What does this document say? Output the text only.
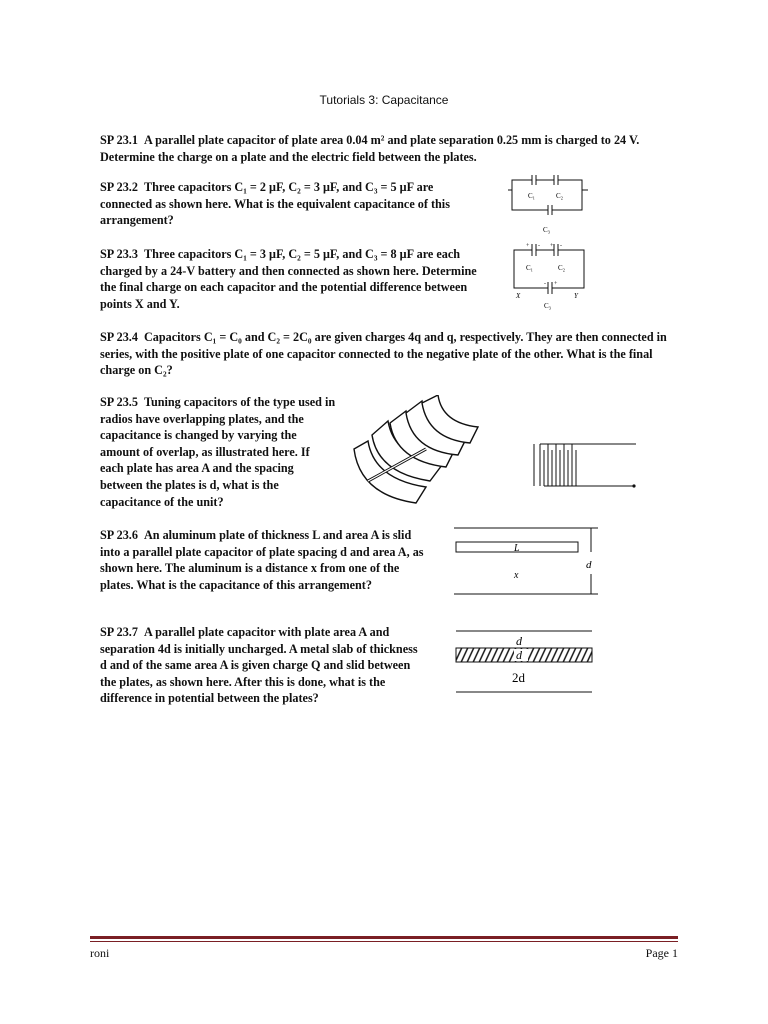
Tutorials 3: Capacitance
SP 23.1 A parallel plate capacitor of plate area 0.04 m² and plate separation 0.25 mm is charged to 24 V. Determine the charge on a plate and the electric field between the plates.
SP 23.2 Three capacitors C₁ = 2 μF, C₂ = 3 μF, and C₃ = 5 μF are connected as shown here. What is the equivalent capacitance of this arrangement?
C₁	C₂
C₃
SP 23.3 Three capacitors C₁ = 3 μF, C₂ = 5 μF, and C₃ = 8 μF are each charged by a 24-V battery and then connected as shown here. Determine the final charge on each capacitor and the potential difference between points X and Y.
+ - + -
- +
C₁	C₂
C₃
X	Y
SP 23.4 Capacitors C₁ = C₀ and C₂ = 2C₀ are given charges 4q and q, respectively. They are then connected in series, with the positive plate of one capacitor connected to the negative plate of the other. What is the final charge on C₂?
SP 23.5 Tuning capacitors of the type used in radios have overlapping plates, and the capacitance is changed by varying the amount of overlap, as illustrated here. If each plate has area A and the spacing between the plates is d, what is the capacitance of the unit?
SP 23.6 An aluminum plate of thickness L and area A is slid into a parallel plate capacitor of plate spacing d and area A, as shown here. The aluminum is a distance x from one of the plates. What is the capacitance of this arrangement?
L
x
d
SP 23.7 A parallel plate capacitor with plate area A and separation 4d is initially uncharged. A metal slab of thickness d and of the same area A is given charge Q and slid between the plates, as shown here. After this is done, what is the difference in potential between the plates?
d
d
2d
roni	Page 1
